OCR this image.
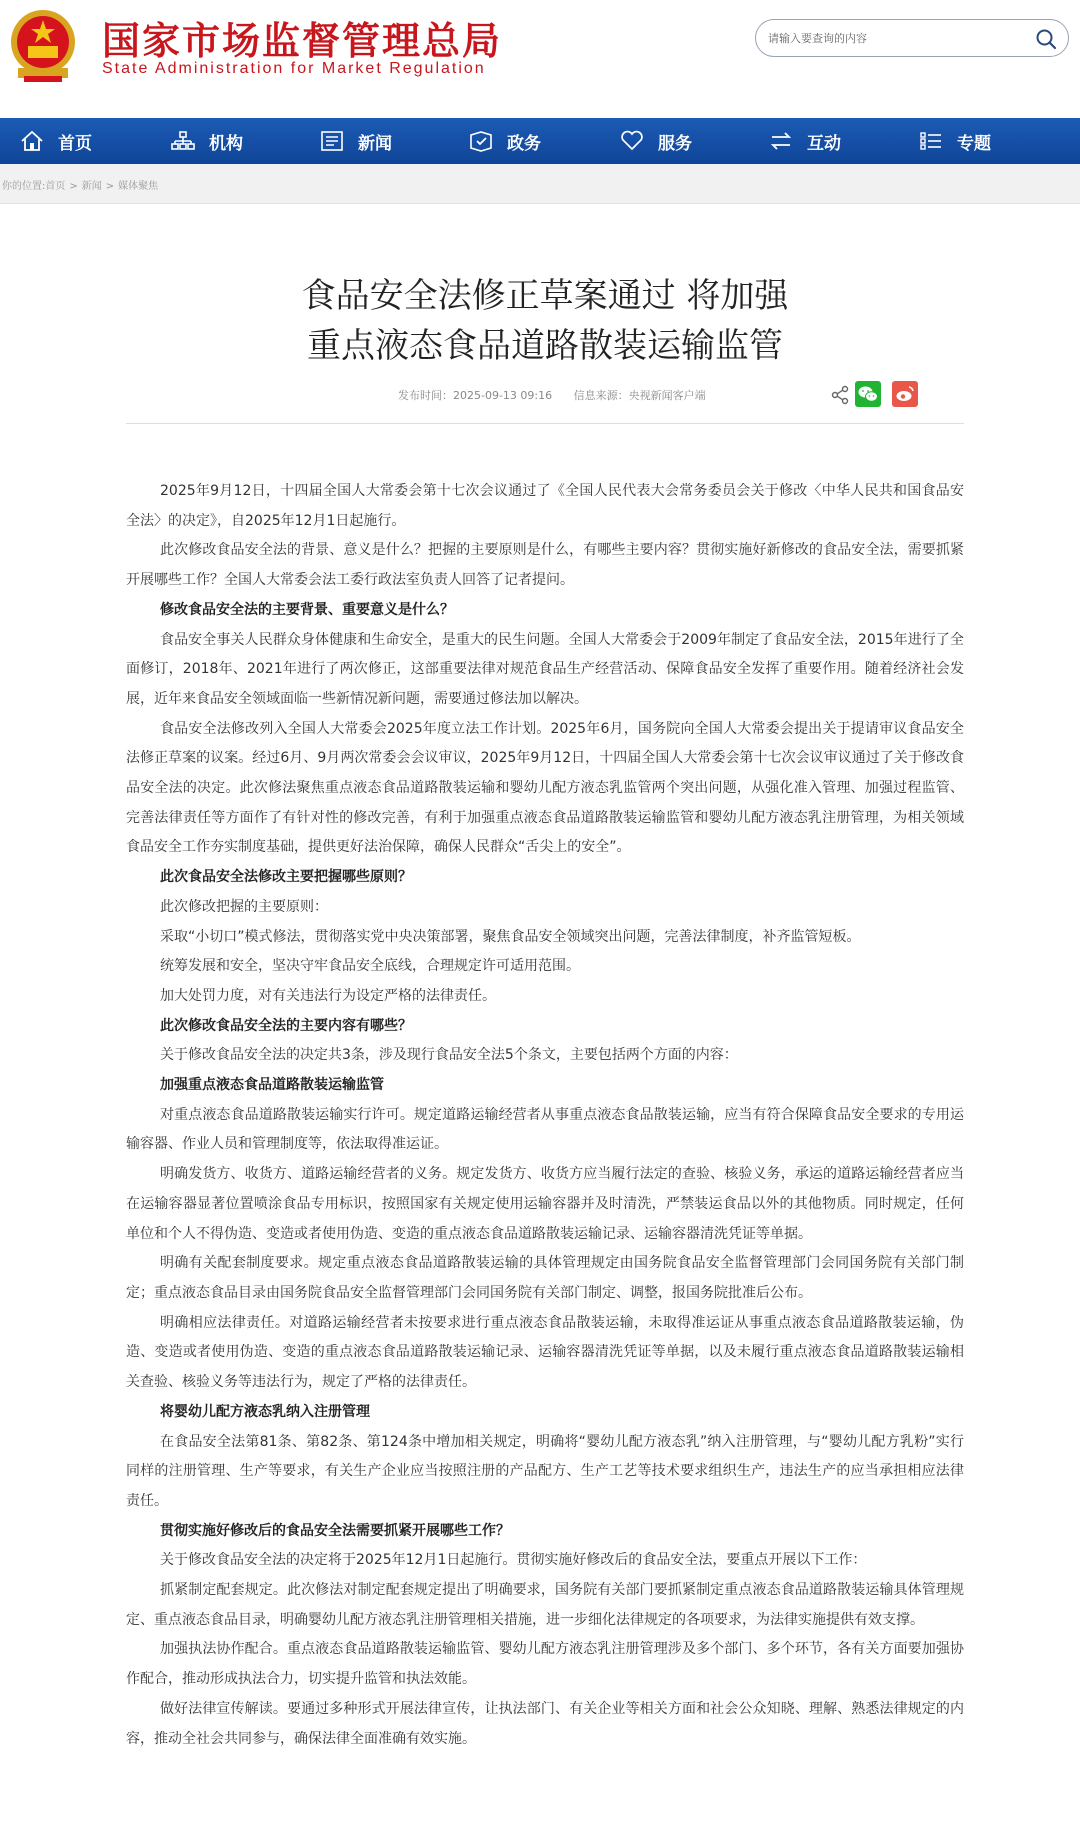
国家市场监督管理总局
State Administration for Market Regulation
请输入要查询的内容
首页	机构	新闻	政务	服务	互动	专题
你的位置:首页 > 新闻 > 媒体聚焦
食品安全法修正草案通过 将加强
重点液态食品道路散装运输监管
发布时间：2025-09-13 09:16 信息来源：央视新闻客户端

2025年9月12日，十四届全国人大常委会第十七次会议通过了《全国人民代表大会常务委员会关于修改〈中华人民共和国食品安全法〉的决定》，自2025年12月1日起施行。

此次修改食品安全法的背景、意义是什么？把握的主要原则是什么，有哪些主要内容？贯彻实施好新修改的食品安全法，需要抓紧开展哪些工作？全国人大常委会法工委行政法室负责人回答了记者提问。

修改食品安全法的主要背景、重要意义是什么？

食品安全事关人民群众身体健康和生命安全，是重大的民生问题。全国人大常委会于2009年制定了食品安全法，2015年进行了全面修订，2018年、2021年进行了两次修正，这部重要法律对规范食品生产经营活动、保障食品安全发挥了重要作用。随着经济社会发展，近年来食品安全领域面临一些新情况新问题，需要通过修法加以解决。

食品安全法修改列入全国人大常委会2025年度立法工作计划。2025年6月，国务院向全国人大常委会提出关于提请审议食品安全法修正草案的议案。经过6月、9月两次常委会会议审议，2025年9月12日，十四届全国人大常委会第十七次会议审议通过了关于修改食品安全法的决定。此次修法聚焦重点液态食品道路散装运输和婴幼儿配方液态乳监管两个突出问题，从强化准入管理、加强过程监管、完善法律责任等方面作了有针对性的修改完善，有利于加强重点液态食品道路散装运输监管和婴幼儿配方液态乳注册管理，为相关领域食品安全工作夯实制度基础，提供更好法治保障，确保人民群众“舌尖上的安全”。

此次食品安全法修改主要把握哪些原则？

此次修改把握的主要原则：

采取“小切口”模式修法，贯彻落实党中央决策部署，聚焦食品安全领域突出问题，完善法律制度，补齐监管短板。

统筹发展和安全，坚决守牢食品安全底线，合理规定许可适用范围。

加大处罚力度，对有关违法行为设定严格的法律责任。

此次修改食品安全法的主要内容有哪些？

关于修改食品安全法的决定共3条，涉及现行食品安全法5个条文，主要包括两个方面的内容：

加强重点液态食品道路散装运输监管

对重点液态食品道路散装运输实行许可。规定道路运输经营者从事重点液态食品散装运输，应当有符合保障食品安全要求的专用运输容器、作业人员和管理制度等，依法取得准运证。

明确发货方、收货方、道路运输经营者的义务。规定发货方、收货方应当履行法定的查验、核验义务，承运的道路运输经营者应当在运输容器显著位置喷涂食品专用标识，按照国家有关规定使用运输容器并及时清洗，严禁装运食品以外的其他物质。同时规定，任何单位和个人不得伪造、变造或者使用伪造、变造的重点液态食品道路散装运输记录、运输容器清洗凭证等单据。

明确有关配套制度要求。规定重点液态食品道路散装运输的具体管理规定由国务院食品安全监督管理部门会同国务院有关部门制定；重点液态食品目录由国务院食品安全监督管理部门会同国务院有关部门制定、调整，报国务院批准后公布。

明确相应法律责任。对道路运输经营者未按要求进行重点液态食品散装运输，未取得准运证从事重点液态食品道路散装运输，伪造、变造或者使用伪造、变造的重点液态食品道路散装运输记录、运输容器清洗凭证等单据，以及未履行重点液态食品道路散装运输相关查验、核验义务等违法行为，规定了严格的法律责任。

将婴幼儿配方液态乳纳入注册管理

在食品安全法第81条、第82条、第124条中增加相关规定，明确将“婴幼儿配方液态乳”纳入注册管理，与“婴幼儿配方乳粉”实行同样的注册管理、生产等要求，有关生产企业应当按照注册的产品配方、生产工艺等技术要求组织生产，违法生产的应当承担相应法律责任。

贯彻实施好修改后的食品安全法需要抓紧开展哪些工作？

关于修改食品安全法的决定将于2025年12月1日起施行。贯彻实施好修改后的食品安全法，要重点开展以下工作：

抓紧制定配套规定。此次修法对制定配套规定提出了明确要求，国务院有关部门要抓紧制定重点液态食品道路散装运输具体管理规定、重点液态食品目录，明确婴幼儿配方液态乳注册管理相关措施，进一步细化法律规定的各项要求，为法律实施提供有效支撑。

加强执法协作配合。重点液态食品道路散装运输监管、婴幼儿配方液态乳注册管理涉及多个部门、多个环节，各有关方面要加强协作配合，推动形成执法合力，切实提升监管和执法效能。

做好法律宣传解读。要通过多种形式开展法律宣传，让执法部门、有关企业等相关方面和社会公众知晓、理解、熟悉法律规定的内容，推动全社会共同参与，确保法律全面准确有效实施。
